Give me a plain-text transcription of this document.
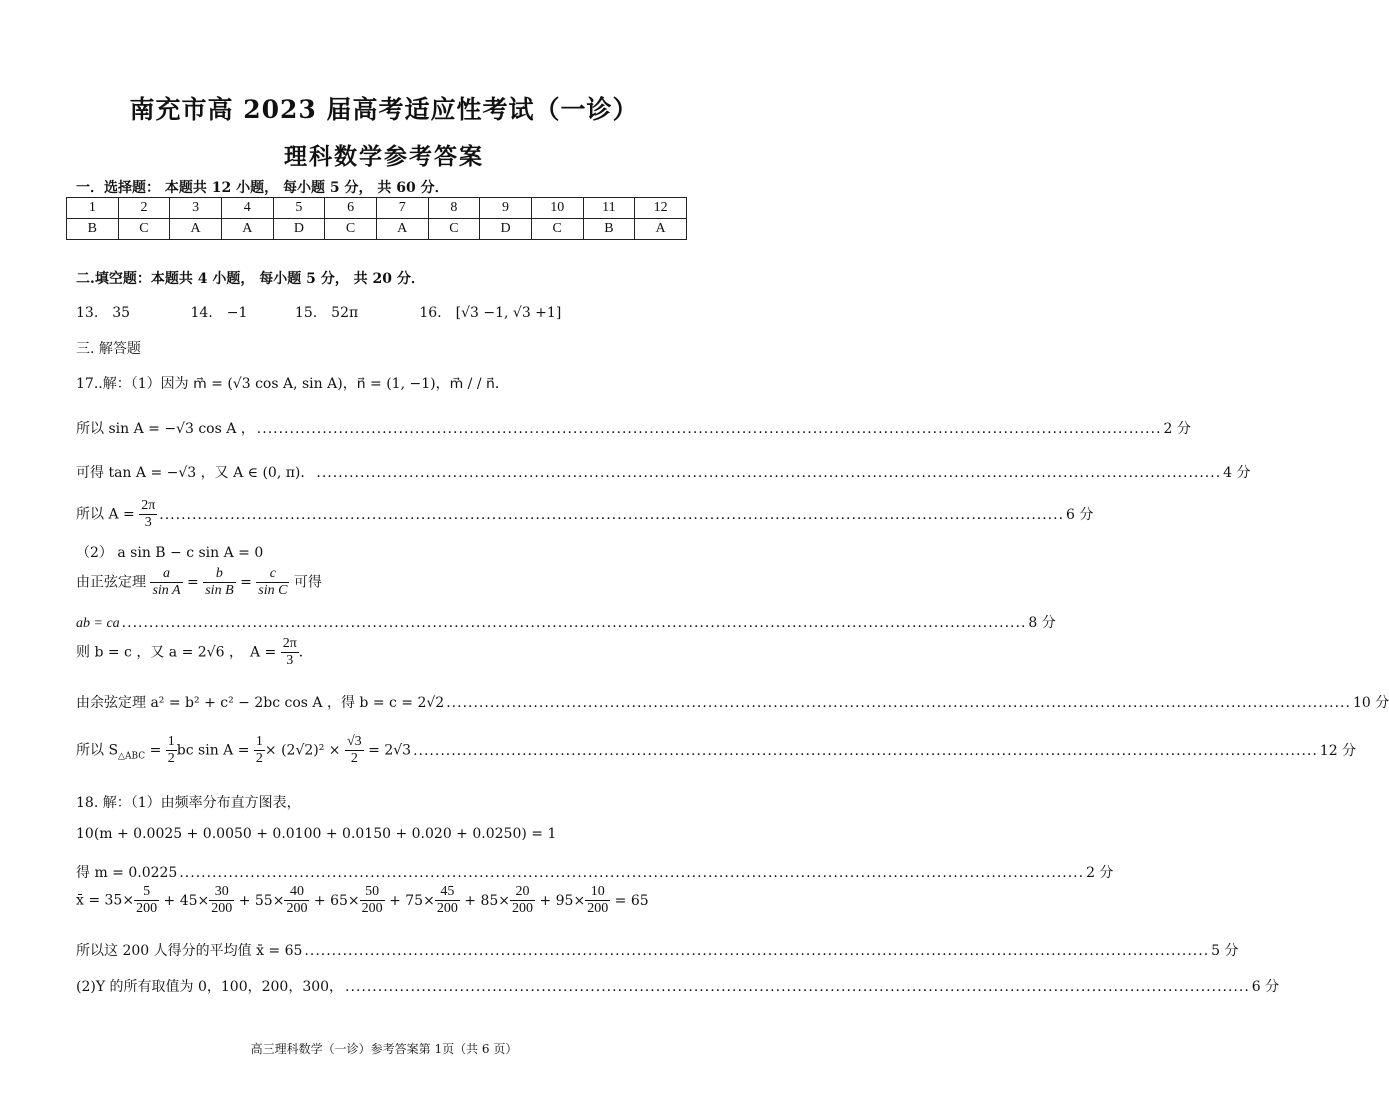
南充市高 2023 届高考适应性考试（一诊）
理科数学参考答案
一．选择题： 本题共 12 小题， 每小题 5 分， 共 60 分．
1	2	3	4	5	6	7	8	9	10	11	12
B	C	A	A	D	C	A	C	D	C	B	A
二.填空题：本题共 4 小题， 每小题 5 分， 共 20 分．
13.　35	14.　−1	15.　52π	16.　[√3 −1, √3 +1]
三. 解答题
17..解：（1）因为 m⃗ = (√3 cos A, sin A)，n⃗ = (1, −1)，m⃗ / / n⃗．
所以 sin A = −√3 cos A ， ...................................................................................................................................................................... 2 分
可得 tan A = −√3 ，又 A ∈ (0, π)． ...................................................................................................................................................................... 4 分
所以 $A = \frac{2\pi}{3}$ ...................................................................................................................................................................... 6 分
（2） a sin B − c sin A = 0
由正弦定理 $\frac{a}{\text{sin A}} = \frac{b}{\text{sin B}} = \frac{c}{\text{sin C}}$ 可得
ab = ca ...................................................................................................................................................................... 8 分
则 b = c ，又 a = 2√6 ，　$A = \frac{2\pi}{3}$ ．
由余弦定理 a² = b² + c² − 2bc cos A ，得 b = c = 2√2 ...................................................................................................................................................................... 10 分
所以 $S_{\triangle ABC} = \frac{1}{2}$ bc $\sin A = \frac{1}{2} \times (2√2)^2 \times \frac{√3}{2} = 2√3$ ...................................................................................................................................................................... 12 分
18. 解：（1）由频率分布直方图表，
10(m + 0.0025 + 0.0050 + 0.0100 + 0.0150 + 0.020 + 0.0250) = 1
得 m = 0.0225 ...................................................................................................................................................................... 2 分
x̄ = $35\times \frac{5}{200} + 45\times \frac{30}{200} + 55\times \frac{40}{200} + 65\times \frac{50}{200} + 75\times \frac{45}{200} + 85\times \frac{20}{200} + 95\times \frac{10}{200} = 65$
所以这 200 人得分的平均值 x̄ = 65 ...................................................................................................................................................................... 5 分
(2)Y 的所有取值为 0，100，200，300， ...................................................................................................................................................................... 6 分
高三理科数学（一诊）参考答案第 1页（共 6 页）
